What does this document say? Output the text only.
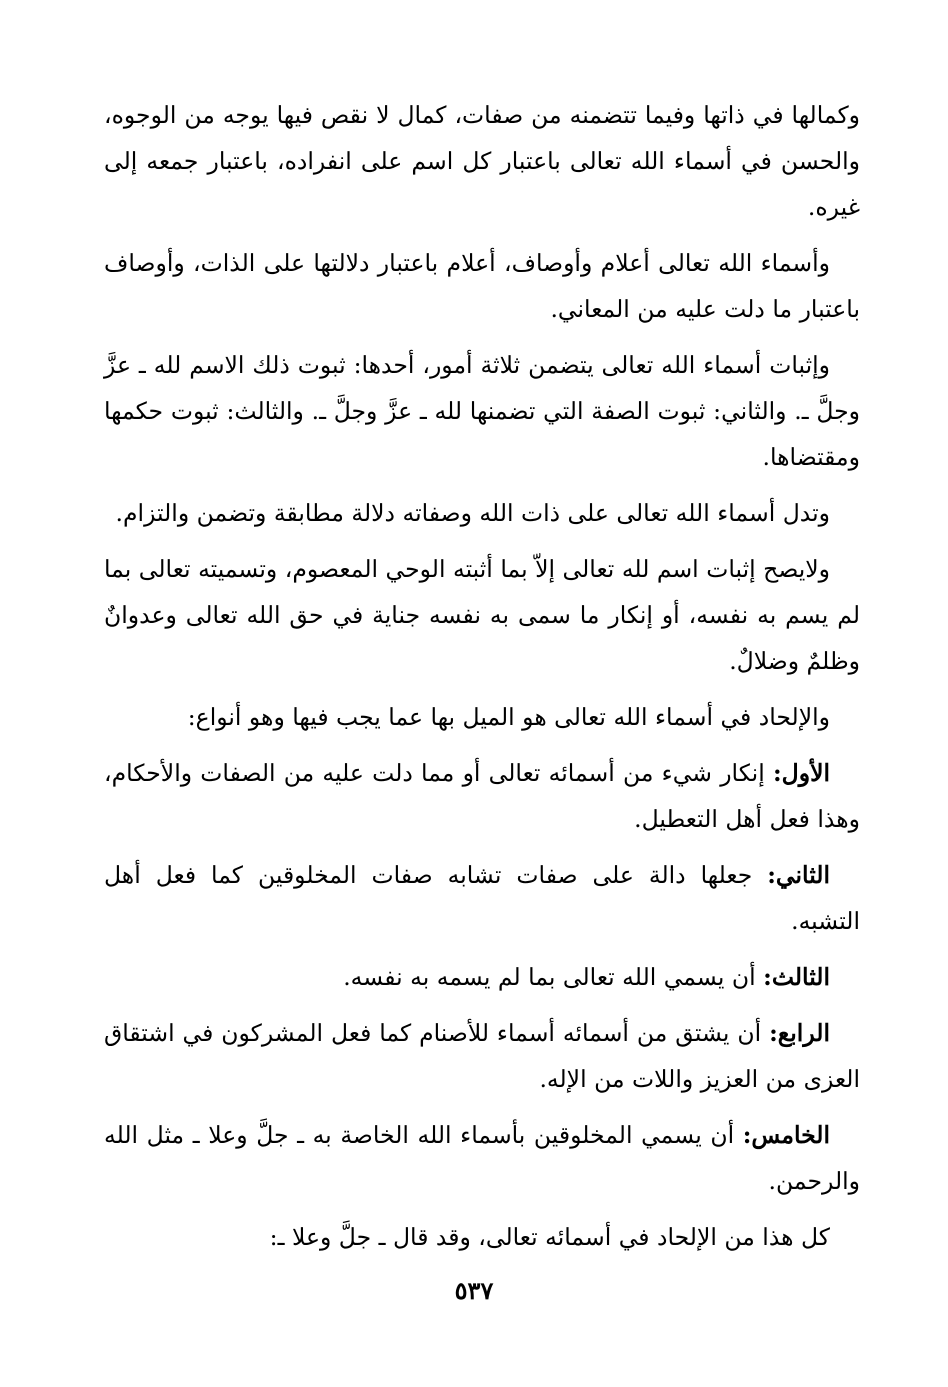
وكمالها في ذاتها وفيما تتضمنه من صفات، كمال لا نقص فيها يوجه من الوجوه، والحسن في أسماء الله تعالى باعتبار كل اسم على انفراده، باعتبار جمعه إلى غيره.

وأسماء الله تعالى أعلام وأوصاف، أعلام باعتبار دلالتها على الذات، وأوصاف باعتبار ما دلت عليه من المعاني.

وإثبات أسماء الله تعالى يتضمن ثلاثة أمور، أحدها: ثبوت ذلك الاسم لله ـ عزَّ وجلَّ ـ. والثاني: ثبوت الصفة التي تضمنها لله ـ عزَّ وجلَّ ـ. والثالث: ثبوت حكمها ومقتضاها.

وتدل أسماء الله تعالى على ذات الله وصفاته دلالة مطابقة وتضمن والتزام.

ولايصح إثبات اسم لله تعالى إلاّ بما أثبته الوحي المعصوم، وتسميته تعالى بما لم يسم به نفسه، أو إنكار ما سمى به نفسه جناية في حق الله تعالى وعدوانٌ وظلمٌ وضلالٌ.

والإلحاد في أسماء الله تعالى هو الميل بها عما يجب فيها وهو أنواع:

الأول: إنكار شيء من أسمائه تعالى أو مما دلت عليه من الصفات والأحكام، وهذا فعل أهل التعطيل.

الثاني: جعلها دالة على صفات تشابه صفات المخلوقين كما فعل أهل التشبه.

الثالث: أن يسمي الله تعالى بما لم يسمه به نفسه.

الرابع: أن يشتق من أسمائه أسماء للأصنام كما فعل المشركون في اشتقاق العزى من العزيز واللات من الإله.

الخامس: أن يسمي المخلوقين بأسماء الله الخاصة به ـ جلَّ وعلا ـ مثل الله والرحمن.

كل هذا من الإلحاد في أسمائه تعالى، وقد قال ـ جلَّ وعلا ـ:

٥٣٧
